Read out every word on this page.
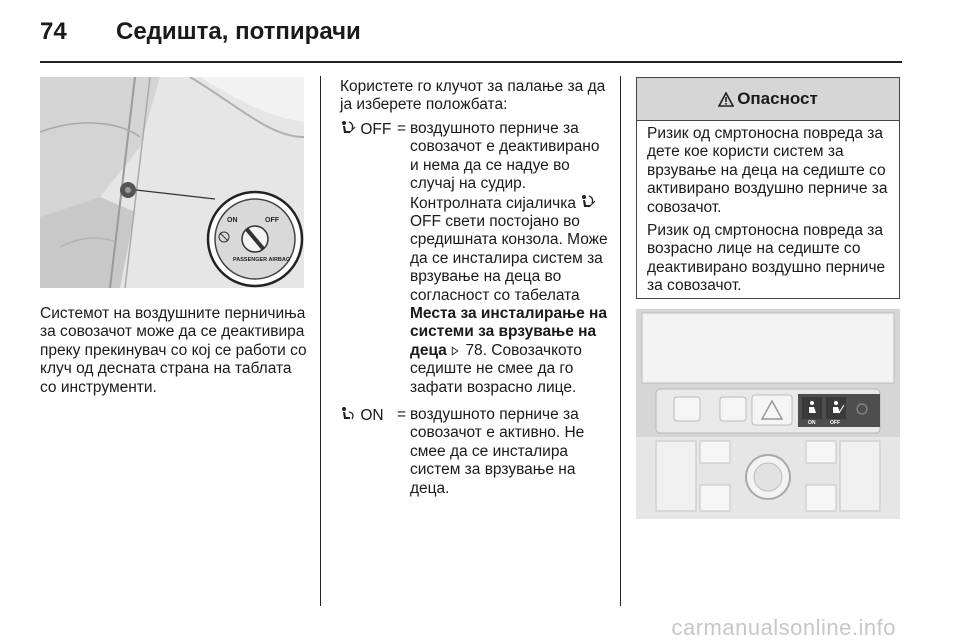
74 Седишта, потпирачи
ON	OFF
PASSENGER AIRBAG
Системот на воздушните перничиња за совозачот може да се деактивира преку прекинувач со кој се работи со клуч од десната страна на таблата со инструменти.
Користете го клучот за палање за да ја изберете положбата:
OFF = воздушното перниче за совозачот е деактивирано и нема да се надуе во случај на судир. Контролната сијаличка OFF свети постојано во средишната конзола. Може да се инсталира систем за врзување на деца во согласност со табелата Места за инсталирање на системи за врзување на деца 78. Совозачкото седиште не смее да го зафати возрасно лице.
ON = воздушното перниче за совозачот е активно. Не смее да се инсталира систем за врзување на деца.
Опасност

Ризик од смртоносна повреда за дете кое користи систем за врзување на деца на седиште со активирано воздушно перниче за совозачот.

Ризик од смртоносна повреда за возрасно лице на седиште со деактивирано воздушно перниче за совозачот.

ON	OFF
carmanualsonline.info
